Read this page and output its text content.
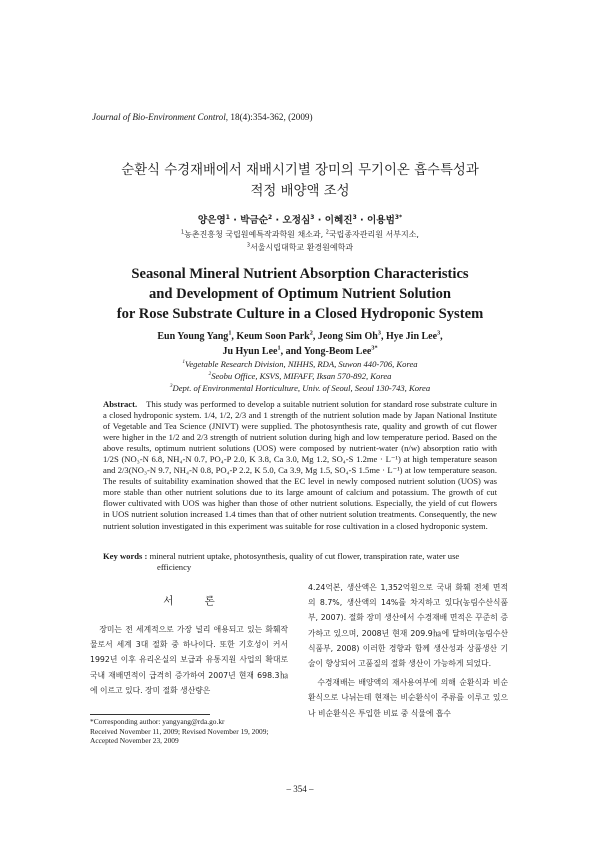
Journal of Bio-Environment Control, 18(4):354-362, (2009)
순환식 수경재배에서 재배시기별 장미의 무기이온 흡수특성과
적정 배양액 조성
양은영$^1$ · 박금순$^2$ · 오정심$^3$ · 이혜진$^3$ · 이용범$^{3*}$
$^1$농촌진흥청 국립원예특작과학원 채소과, $^2$국립종자관리원 서부지소,
$^3$서울시립대학교 환경원예학과
Seasonal Mineral Nutrient Absorption Characteristics
and Development of Optimum Nutrient Solution
for Rose Substrate Culture in a Closed Hydroponic System
Eun Young Yang$^1$, Keum Soon Park$^2$, Jeong Sim Oh$^3$, Hye Jin Lee$^3$,
Ju Hyun Lee$^1$, and Yong-Beom Lee$^{3*}$
$^1$Vegetable Research Division, NIHHS, RDA, Suwon 440-706, Korea
$^2$Seobu Office, KSVS, MIFAFF, Iksan 570-892, Korea
$^3$Dept. of Environmental Horticulture, Univ. of Seoul, Seoul 130-743, Korea
Abstract. This study was performed to develop a suitable nutrient solution for standard rose substrate culture in a closed hydroponic system. 1/4, 1/2, 2/3 and 1 strength of the nutrient solution made by Japan National Institute of Vegetable and Tea Science (JNIVT) were supplied. The photosynthesis rate, quality and growth of cut flower were higher in the 1/2 and 2/3 strength of nutrient solution during high and low temperature period. Based on the above results, optimum nutrient solutions (UOS) were composed by nutrient-water (n/w) absorption ratio with 1/2S (NO₃-N 6.8, NH₄-N 0.7, PO₄-P 2.0, K 3.8, Ca 3.0, Mg 1.2, SO₄-S 1.2me · L⁻¹) at high temperature season and 2/3(NO₃-N 9.7, NH₄-N 0.8, PO₄-P 2.2, K 5.0, Ca 3.9, Mg 1.5, SO₄-S 1.5me · L⁻¹) at low temperature season. The results of suitability examination showed that the EC level in newly composed nutrient solution (UOS) was more stable than other nutrient solutions due to its large amount of calcium and potassium. The growth of cut flower cultivated with UOS was higher than those of other nutrient solutions. Especially, the yield of cut flowers in UOS nutrient solution increased 1.4 times than that of other nutrient solution treatments. Consequently, the new nutrient solution investigated in this experiment was suitable for rose cultivation in a closed hydroponic system.
Key words : mineral nutrient uptake, photosynthesis, quality of cut flower, transpiration rate, water use
efficiency
서 론

장미는 전 세계적으로 가장 널리 애용되고 있는 화훼작물로서 세계 3대 절화 중 하나이다. 또한 기호성이 커서 1992년 이후 유리온실의 보급과 유통지원 사업의 확대로 국내 재배면적이 급격히 증가하여 2007년 현재 698.3㏊에 이르고 있다. 장미 절화 생산량은

4.24억본, 생산액은 1,352억원으로 국내 화훼 전체 면적의 8.7%, 생산액의 14%를 차지하고 있다(농림수산식품부, 2007). 절화 장미 생산에서 수경재배 면적은 꾸준히 증가하고 있으며, 2008년 현재 209.9㏊에 달하며(농림수산식품부, 2008) 이러한 경향과 함께 생산성과 상품생산 기술이 향상되어 고품질의 절화 생산이 가능하게 되었다.

수경재배는 배양액의 재사용여부에 의해 순환식과 비순환식으로 나뉘는데 현재는 비순환식이 주류를 이루고 있으나 비순환식은 투입한 비료 중 식물에 흡수

*Corresponding author: yangyang@rda.go.kr
Received November 11, 2009; Revised November 19, 2009;
Accepted November 23, 2009
– 354 –
